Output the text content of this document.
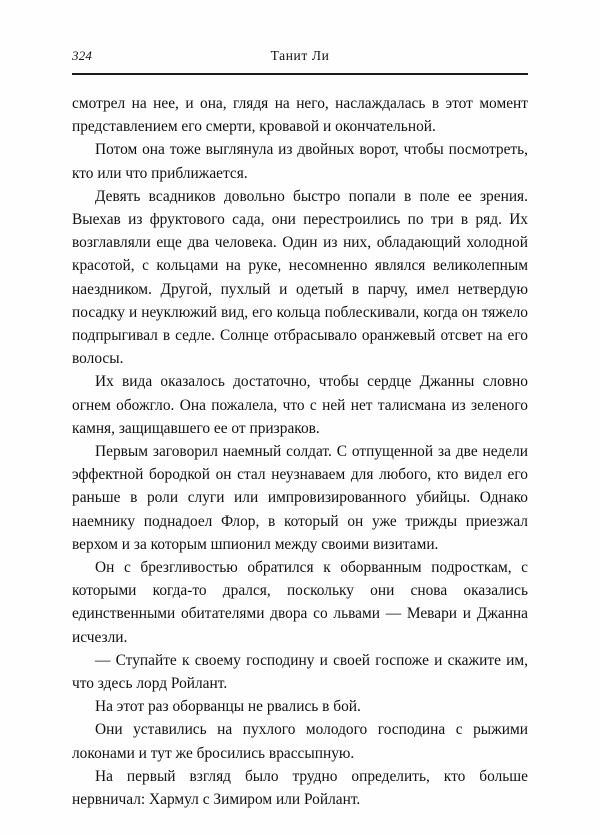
324	Танит Ли

смотрел на нее, и она, глядя на него, наслаждалась в этот момент представлением его смерти, кровавой и окончательной.

Потом она тоже выглянула из двойных ворот, чтобы посмотреть, кто или что приближается.

Девять всадников довольно быстро попали в поле ее зрения. Выехав из фруктового сада, они перестроились по три в ряд. Их возглавляли еще два человека. Один из них, обладающий холодной красотой, с кольцами на руке, несомненно являлся великолепным наездником. Другой, пухлый и одетый в парчу, имел нетвердую посадку и неуклюжий вид, его кольца поблескивали, когда он тяжело подпрыгивал в седле. Солнце отбрасывало оранжевый отсвет на его волосы.

Их вида оказалось достаточно, чтобы сердце Джанны словно огнем обожгло. Она пожалела, что с ней нет талисмана из зеленого камня, защищавшего ее от призраков.

Первым заговорил наемный солдат. С отпущенной за две недели эффектной бородкой он стал неузнаваем для любого, кто видел его раньше в роли слуги или импровизированного убийцы. Однако наемнику поднадоел Флор, в который он уже трижды приезжал верхом и за которым шпионил между своими визитами.

Он с брезгливостью обратился к оборванным подросткам, с которыми когда-то дрался, поскольку они снова оказались единственными обитателями двора со львами — Мевари и Джанна исчезли.

— Ступайте к своему господину и своей госпоже и скажите им, что здесь лорд Ройлант.

На этот раз оборванцы не рвались в бой.

Они уставились на пухлого молодого господина с рыжими локонами и тут же бросились врассыпную.

На первый взгляд было трудно определить, кто больше нервничал: Хармул с Зимиром или Ройлант.
